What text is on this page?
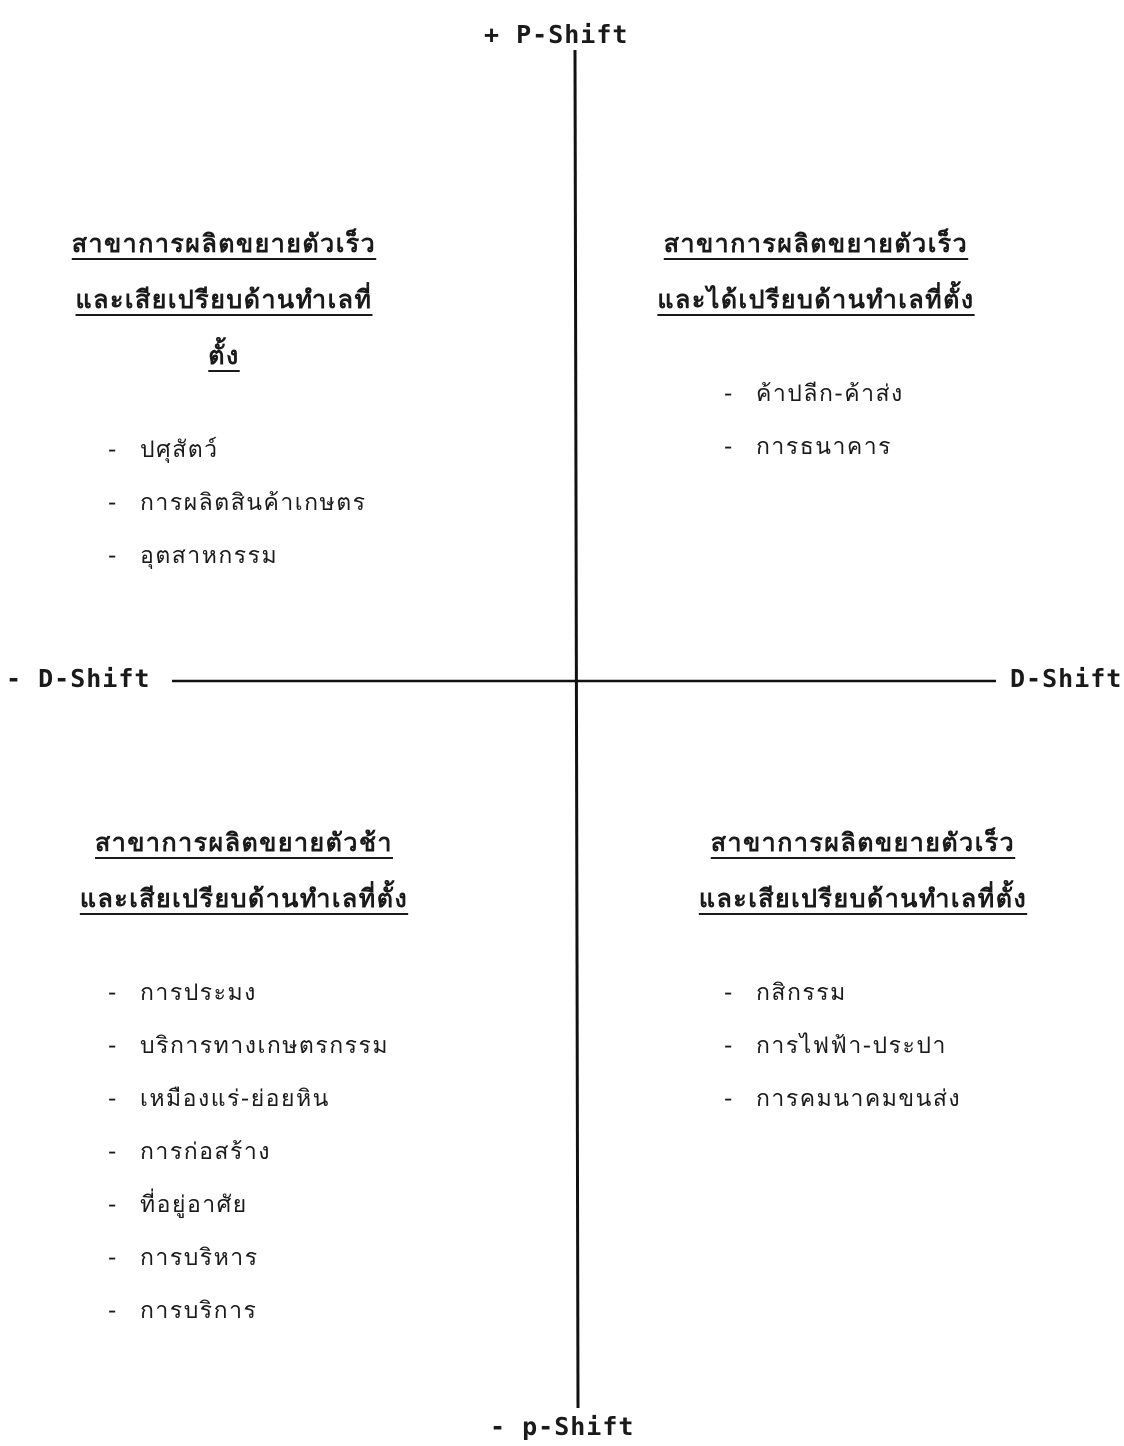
+ P-Shift
- p-Shift
- D-Shift	D-Shift
สาขาการผลิตขยายตัวเร็ว
และเสียเปรียบด้านทำเลที่ตั้ง
- ปศุสัตว์
- การผลิตสินค้าเกษตร
- อุตสาหกรรม
สาขาการผลิตขยายตัวเร็ว
และได้เปรียบด้านทำเลที่ตั้ง
- ค้าปลีก-ค้าส่ง
- การธนาคาร
สาขาการผลิตขยายตัวช้า
และเสียเปรียบด้านทำเลที่ตั้ง
- การประมง
- บริการทางเกษตรกรรม
- เหมืองแร่-ย่อยหิน
- การก่อสร้าง
- ที่อยู่อาศัย
- การบริหาร
- การบริการ
สาขาการผลิตขยายตัวเร็ว
และเสียเปรียบด้านทำเลที่ตั้ง
- กสิกรรม
- การไฟฟ้า-ประปา
- การคมนาคมขนส่ง
